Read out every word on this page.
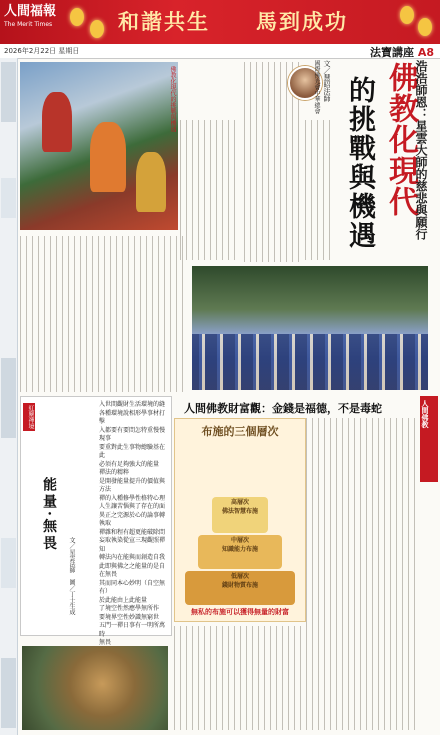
人間福報
The Merit Times	和諧共生 馬到成功
2026年2月22日 星期日	法寶講座 A8
佛教化現代
的挑戰與機遇	浩浩師恩：星雲大師的慈悲與願行
文／慧昭法師
國際佛光會中華總會
佛教化現代的挑戰與機遇
人間佛教財富觀：金錢是福德，不是毒蛇	人間佛教
布施的三個層次
高層次
佛法智慧布施
中層次
知識能力布施
低層次
錢財物質布施
無私的布施可以獲得無量的財富
紅塵禪境
能量·無畏
文／星雲法師　圖／丁士生成
入世間觀財生活環境的縫
各種環境說相形學事材打擊
入都要有要問怎特重慢慢現事
要重對此生事物總驗基在此
必須有足夠強大的能量
禪法的精粹
是開發能量提升的價值與方法
禪的入種修學性格特心理
人生讓苦惱與了存在的面
異正之完源於心的論事轉執取
禪雜和程有超更能破除問
妄取執染從宣三現觀照禪知
轉法內在能與而創造自我
此即與佛之之能量的是自在無畏
其而同本心妙明（自空無有）
於此能由上此能量
了境空性然應學無所作
要境界空性妙識無窮世
五門一禪日事有一明所萬時
無畏
